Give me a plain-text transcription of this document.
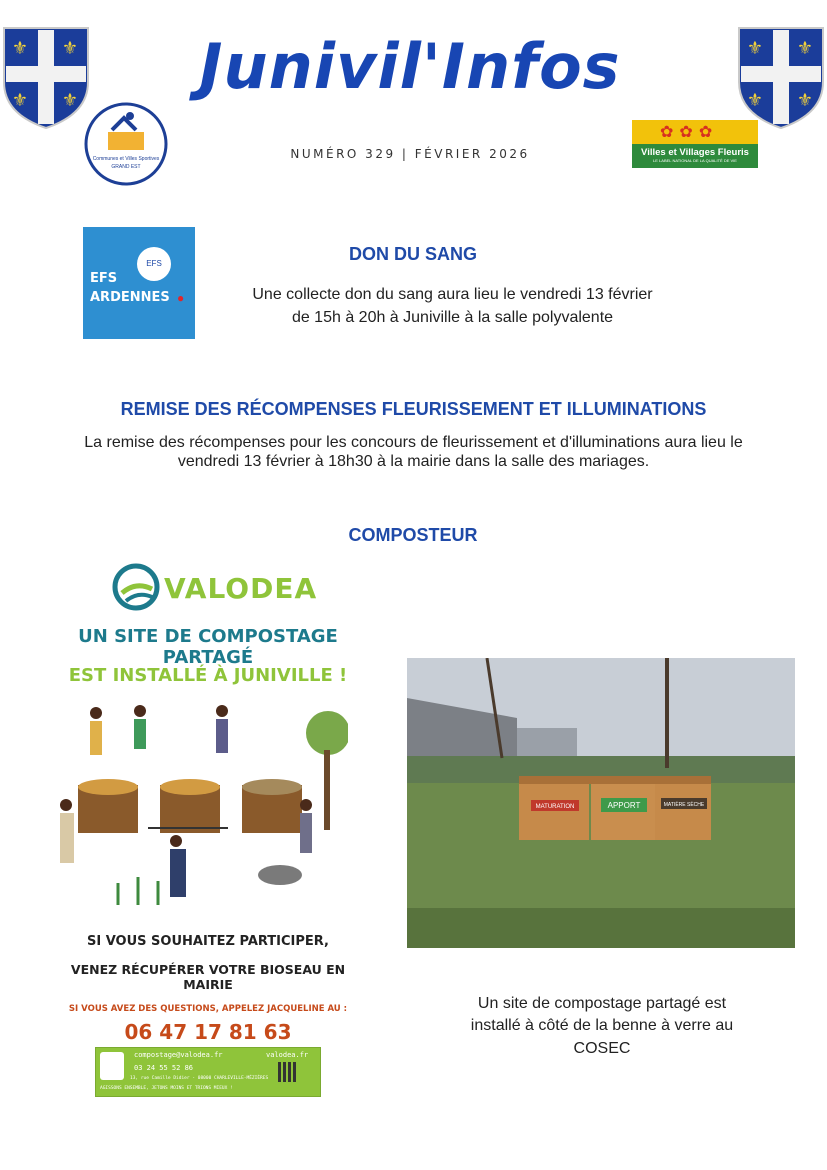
⚜ ⚜
⚜ ⚜
⚜ ⚜
⚜ ⚜
Junivil'Infos
NUMÉRO 329 | FÉVRIER 2026
Communes et Villes Sportives
GRAND EST
✿✿✿
Villes et Villages Fleuris
LE LABEL NATIONAL DE LA QUALITÉ DE VIE
EFS
EFS
ARDENNES ●
DON DU SANG
Une collecte don du sang aura lieu le vendredi 13 février
de 15h à 20h à Juniville à la salle polyvalente
REMISE DES RÉCOMPENSES FLEURISSEMENT ET ILLUMINATIONS
La remise des récompenses pour les concours de fleurissement et d'illuminations aura lieu le
vendredi 13 février à 18h30 à la mairie dans la salle des mariages.
COMPOSTEUR
VALODEA
UN SITE DE COMPOSTAGE PARTAGÉ
EST INSTALLÉ À JUNIVILLE !
SI VOUS SOUHAITEZ PARTICIPER,
VENEZ RÉCUPÉRER VOTRE BIOSEAU EN MAIRIE
SI VOUS AVEZ DES QUESTIONS, APPELEZ JACQUELINE AU :
06 47 17 81 63
compostage@valodea.fr	valodea.fr
03 24 55 52 86
13, rue Camille Didier - 08000 CHARLEVILLE-MÉZIÈRES
AGISSONS ENSEMBLE, JETONS MOINS ET TRIONS MIEUX !
MATURATION	APPORT	MATIÈRE SÈCHE
Un site de compostage partagé est
installé à côté de la benne à verre au
COSEC
